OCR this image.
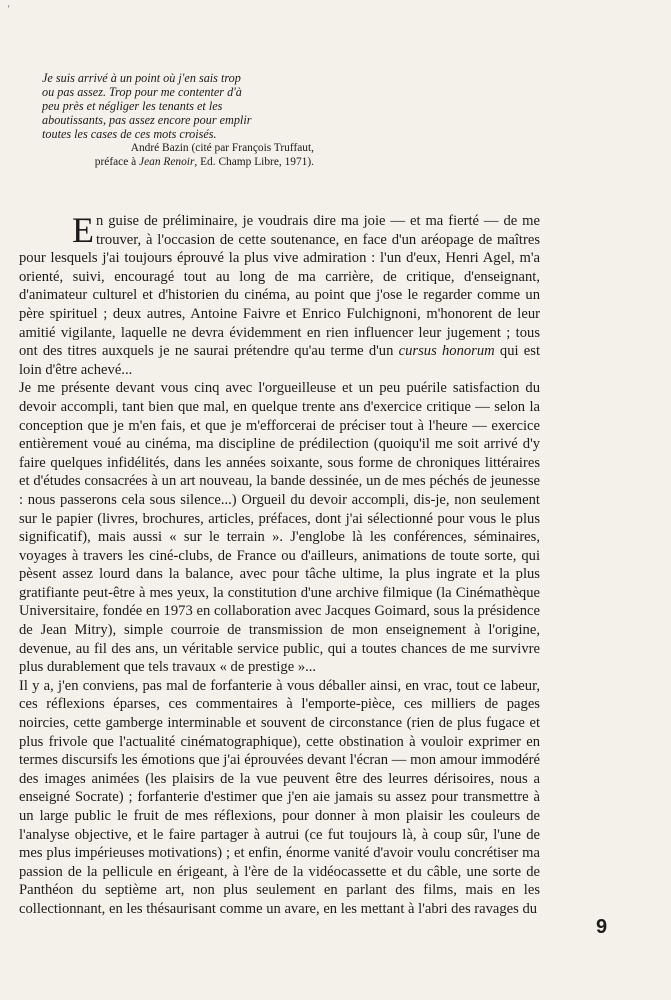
‘

Je suis arrivé à un point où j'en sais trop
ou pas assez. Trop pour me contenter d'à
peu près et négliger les tenants et les
aboutissants, pas assez encore pour emplir
toutes les cases de ces mots croisés.

André Bazin (cité par François Truffaut,
préface à Jean Renoir, Ed. Champ Libre, 1971).

En guise de préliminaire, je voudrais dire ma joie — et ma fierté — de me trouver, à l'occasion de cette soutenance, en face d'un aréopage de maîtres pour lesquels j'ai toujours éprouvé la plus vive admiration : l'un d'eux, Henri Agel, m'a orienté, suivi, encouragé tout au long de ma carrière, de critique, d'enseignant, d'animateur culturel et d'historien du cinéma, au point que j'ose le regarder comme un père spirituel ; deux autres, Antoine Faivre et Enrico Fulchignoni, m'honorent de leur amitié vigilante, laquelle ne devra évidemment en rien influencer leur jugement ; tous ont des titres auxquels je ne saurai prétendre qu'au terme d'un cursus honorum qui est loin d'être achevé...

Je me présente devant vous cinq avec l'orgueilleuse et un peu puérile satisfaction du devoir accompli, tant bien que mal, en quelque trente ans d'exercice critique — selon la conception que je m'en fais, et que je m'efforcerai de préciser tout à l'heure — exercice entièrement voué au cinéma, ma discipline de prédilection (quoiqu'il me soit arrivé d'y faire quelques infidélités, dans les années soixante, sous forme de chroniques littéraires et d'études consacrées à un art nouveau, la bande dessinée, un de mes péchés de jeunesse : nous passerons cela sous silence...) Orgueil du devoir accompli, dis-je, non seulement sur le papier (livres, brochures, articles, préfaces, dont j'ai sélectionné pour vous le plus significatif), mais aussi « sur le terrain ». J'englobe là les conférences, séminaires, voyages à travers les ciné-clubs, de France ou d'ailleurs, animations de toute sorte, qui pèsent assez lourd dans la balance, avec pour tâche ultime, la plus ingrate et la plus gratifiante peut-être à mes yeux, la constitution d'une archive filmique (la Cinémathèque Universitaire, fondée en 1973 en collaboration avec Jacques Goimard, sous la présidence de Jean Mitry), simple courroie de transmission de mon enseignement à l'origine, devenue, au fil des ans, un véritable service public, qui a toutes chances de me survivre plus durablement que tels travaux « de prestige »...

Il y a, j'en conviens, pas mal de forfanterie à vous déballer ainsi, en vrac, tout ce labeur, ces réflexions éparses, ces commentaires à l'emporte-pièce, ces milliers de pages noircies, cette gamberge interminable et souvent de circonstance (rien de plus fugace et plus frivole que l'actualité cinématographique), cette obstination à vouloir exprimer en termes discursifs les émotions que j'ai éprouvées devant l'écran — mon amour immodéré des images animées (les plaisirs de la vue peuvent être des leurres dérisoires, nous a enseigné Socrate) ; forfanterie d'estimer que j'en aie jamais su assez pour transmettre à un large public le fruit de mes réflexions, pour donner à mon plaisir les couleurs de l'analyse objective, et le faire partager à autrui (ce fut toujours là, à coup sûr, l'une de mes plus impérieuses motivations) ; et enfin, énorme vanité d'avoir voulu concrétiser ma passion de la pellicule en érigeant, à l'ère de la vidéocassette et du câble, une sorte de Panthéon du septième art, non plus seulement en parlant des films, mais en les collectionnant, en les thésaurisant comme un avare, en les mettant à l'abri des ravages du

9
